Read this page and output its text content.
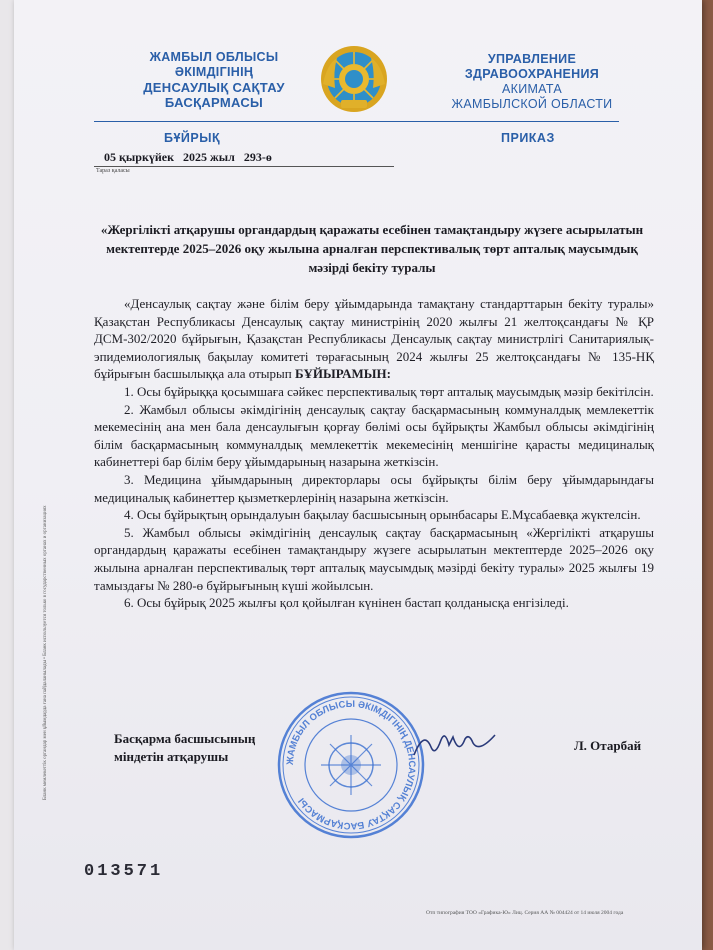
ЖАМБЫЛ ОБЛЫСЫ
ӘКІМДІГІНІҢ
ДЕНСАУЛЫҚ САҚТАУ
БАСҚАРМАСЫ
УПРАВЛЕНИЕ
ЗДРАВООХРАНЕНИЯ
АКИМАТА
ЖАМБЫЛСКОЙ ОБЛАСТИ
БҰЙРЫҚ	ПРИКАЗ
05 қыркүйек 2025 жыл 293-ө
Тараз қаласы
«Жергілікті атқарушы органдардың қаражаты есебінен тамақтандыру жүзеге асырылатын мектептерде 2025–2026 оқу жылына арналған перспективалық төрт апталық маусымдық мәзірді бекіту туралы

«Денсаулық сақтау және білім беру ұйымдарында тамақтану стандарттарын бекіту туралы» Қазақстан Республикасы Денсаулық сақтау министрінің 2020 жылғы 21 желтоқсандағы № ҚР ДСМ-302/2020 бұйрығын, Қазақстан Республикасы Денсаулық сақтау министрлігі Санитариялық-эпидемиологиялық бақылау комитеті төрағасының 2024 жылғы 25 желтоқсандағы № 135-НҚ бұйрығын басшылыққа ала отырып БҰЙЫРАМЫН:

1. Осы бұйрыққа қосымшаға сәйкес перспективалық төрт апталық маусымдық мәзір бекітілсін.

2. Жамбыл облысы әкімдігінің денсаулық сақтау басқармасының коммуналдық мемлекеттік мекемесінің ана мен бала денсаулығын қорғау бөлімі осы бұйрықты Жамбыл облысы әкімдігінің білім басқармасының коммуналдық мемлекеттік мекемесінің меншігіне қарасты медициналық кабинеттері бар білім беру ұйымдарының назарына жеткізсін.

3. Медицина ұйымдарының директорлары осы бұйрықты білім беру ұйымдарындағы медициналық кабинеттер қызметкерлерінің назарына жеткізсін.

4. Осы бұйрықтың орындалуын бақылау басшысының орынбасары Е.Мұсабаевқа жүктелсін.

5. Жамбыл облысы әкімдігінің денсаулық сақтау басқармасының «Жергілікті атқарушы органдардың қаражаты есебінен тамақтандыру жүзеге асырылатын мектептерде 2025–2026 оқу жылына арналған перспективалық төрт апталық маусымдық мәзірді бекіту туралы» 2025 жылғы 19 тамыздағы № 280-ө бұйрығының күші жойылсын.

6. Осы бұйрық 2025 жылғы қол қойылған күнінен бастап қолданысқа енгізіледі.

Басқарма басшысының
міндетін атқарушы
Л. Отарбай
ЖАМБЫЛ ОБЛЫСЫ ӘКІМДІГІНІҢ ДЕНСАУЛЫҚ САҚТАУ БАСҚАРМАСЫ
013571
Отп типография ТОО «Графика-Ю» Лиц. Серия АА № 004424 от 14 июля 2004 года
Бланк мемлекеттік органдар мен ұйымдарда ғана пайдаланылады • Бланк используется только в государственных органах и организациях
